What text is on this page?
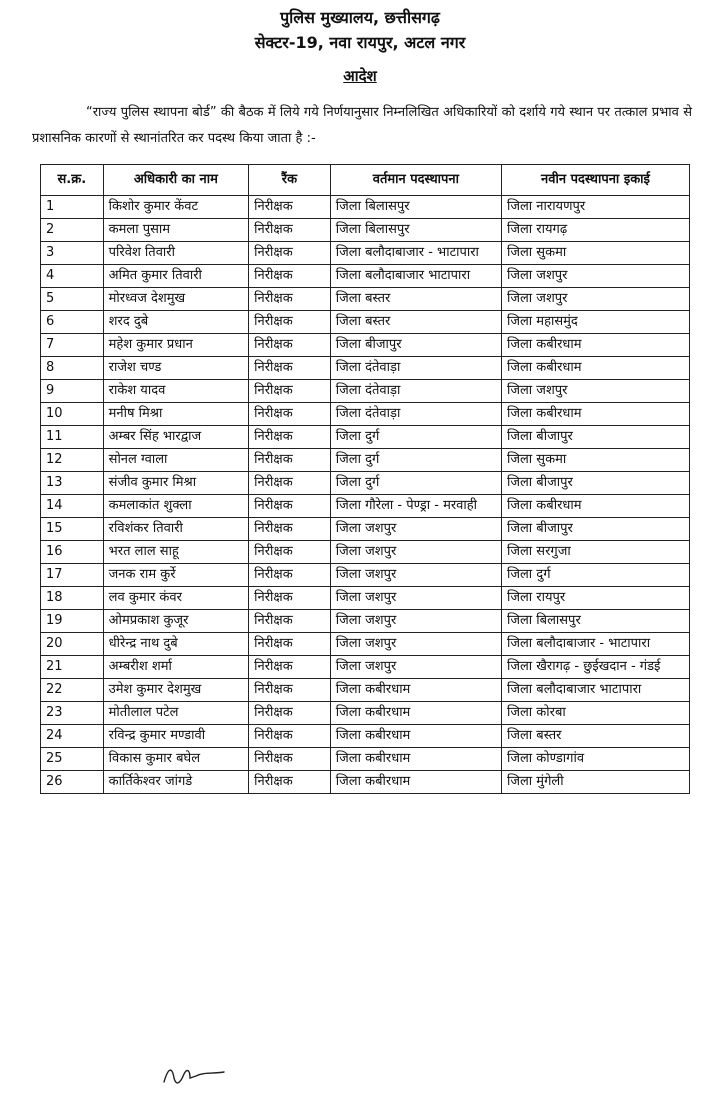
पुलिस मुख्यालय, छत्तीसगढ़
सेक्टर-19, नवा रायपुर, अटल नगर
आदेश
“राज्य पुलिस स्थापना बोर्ड” की बैठक में लिये गये निर्णयानुसार निम्नलिखित अधिकारियों को दर्शाये गये स्थान पर तत्काल प्रभाव से प्रशासनिक कारणों से स्थानांतरित कर पदस्थ किया जाता है :-
स.क्र.	अधिकारी का नाम	रैंक	वर्तमान पदस्थापना	नवीन पदस्थापना इकाई
1	किशोर कुमार केंवट	निरीक्षक	जिला बिलासपुर	जिला नारायणपुर
2	कमला पुसाम	निरीक्षक	जिला बिलासपुर	जिला रायगढ़
3	परिवेश तिवारी	निरीक्षक	जिला बलौदाबाजार - भाटापारा	जिला सुकमा
4	अमित कुमार तिवारी	निरीक्षक	जिला बलौदाबाजार भाटापारा	जिला जशपुर
5	मोरध्वज देशमुख	निरीक्षक	जिला बस्तर	जिला जशपुर
6	शरद दुबे	निरीक्षक	जिला बस्तर	जिला महासमुंद
7	महेश कुमार प्रधान	निरीक्षक	जिला बीजापुर	जिला कबीरधाम
8	राजेश चण्ड	निरीक्षक	जिला दंतेवाड़ा	जिला कबीरधाम
9	राकेश यादव	निरीक्षक	जिला दंतेवाड़ा	जिला जशपुर
10	मनीष मिश्रा	निरीक्षक	जिला दंतेवाड़ा	जिला कबीरधाम
11	अम्बर सिंह भारद्वाज	निरीक्षक	जिला दुर्ग	जिला बीजापुर
12	सोनल ग्वाला	निरीक्षक	जिला दुर्ग	जिला सुकमा
13	संजीव कुमार मिश्रा	निरीक्षक	जिला दुर्ग	जिला बीजापुर
14	कमलाकांत शुक्ला	निरीक्षक	जिला गौरेला - पेण्ड्रा - मरवाही	जिला कबीरधाम
15	रविशंकर तिवारी	निरीक्षक	जिला जशपुर	जिला बीजापुर
16	भरत लाल साहू	निरीक्षक	जिला जशपुर	जिला सरगुजा
17	जनक राम कुर्रे	निरीक्षक	जिला जशपुर	जिला दुर्ग
18	लव कुमार कंवर	निरीक्षक	जिला जशपुर	जिला रायपुर
19	ओमप्रकाश कुजूर	निरीक्षक	जिला जशपुर	जिला बिलासपुर
20	धीरेन्द्र नाथ दुबे	निरीक्षक	जिला जशपुर	जिला बलौदाबाजार - भाटापारा
21	अम्बरीश शर्मा	निरीक्षक	जिला जशपुर	जिला खैरागढ़ - छुईखदान - गंडई
22	उमेश कुमार देशमुख	निरीक्षक	जिला कबीरधाम	जिला बलौदाबाजार भाटापारा
23	मोतीलाल पटेल	निरीक्षक	जिला कबीरधाम	जिला कोरबा
24	रविन्द्र कुमार मण्डावी	निरीक्षक	जिला कबीरधाम	जिला बस्तर
25	विकास कुमार बघेल	निरीक्षक	जिला कबीरधाम	जिला कोण्डागांव
26	कार्तिकेश्वर जांगडे	निरीक्षक	जिला कबीरधाम	जिला मुंगेली
